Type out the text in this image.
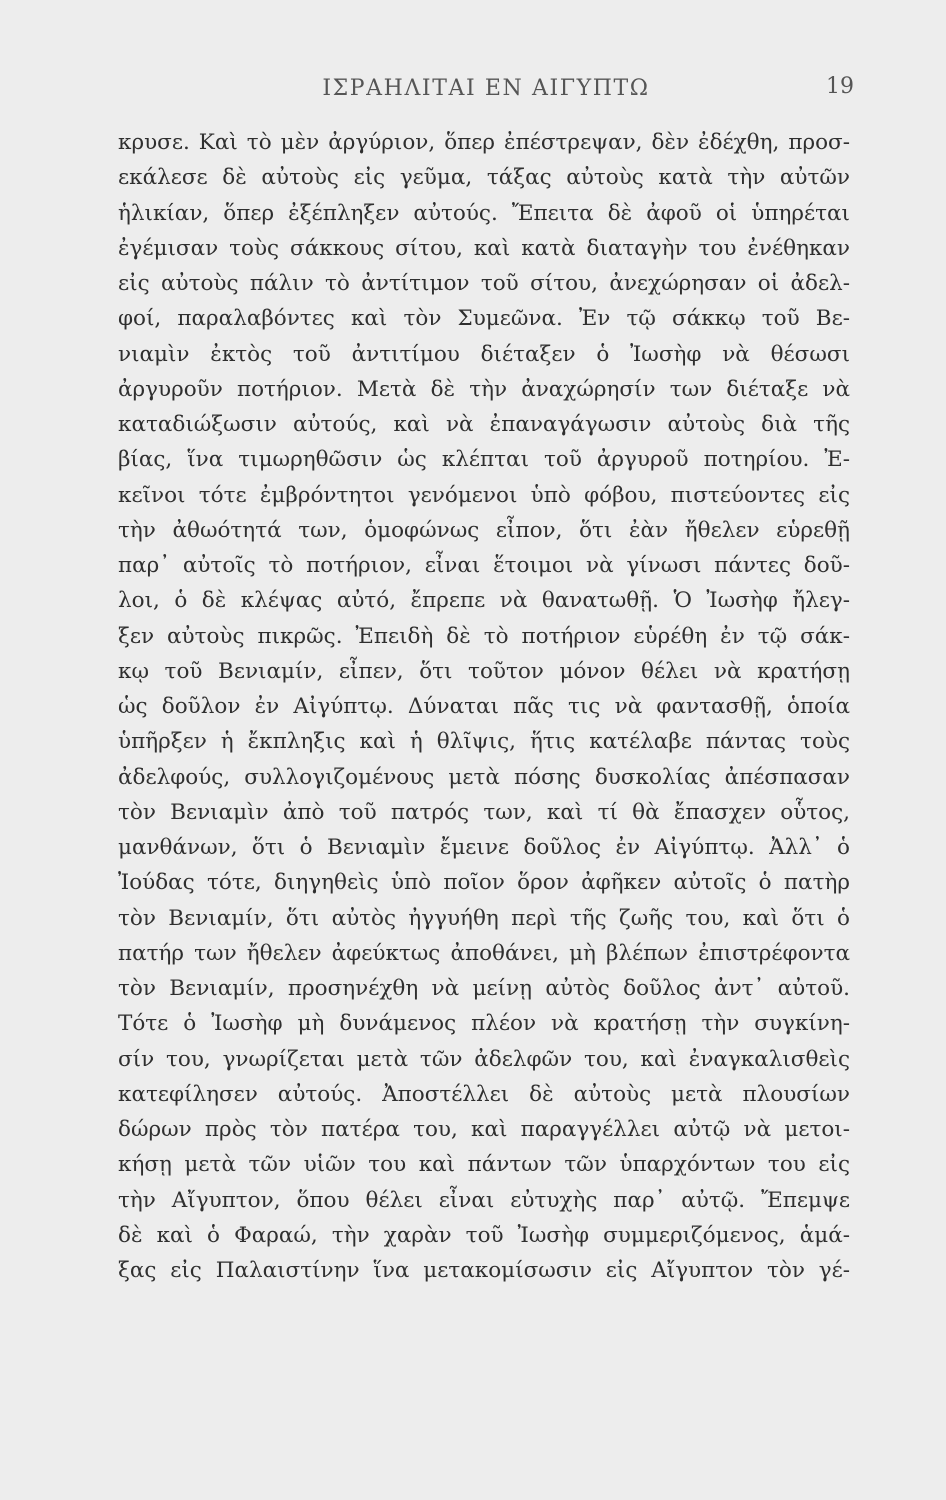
ΙΣΡΑΗΛΙΤΑΙ ΕΝ ΑΙΓΥΠΤΩ	19
κρυσε. Καὶ τὸ μὲν ἀργύριον, ὅπερ ἐπέστρεψαν, δὲν ἐδέχθη, προσ-
εκάλεσε δὲ αὐτοὺς εἰς γεῦμα, τάξας αὐτοὺς κατὰ τὴν αὐτῶν
ἡλικίαν, ὅπερ ἐξέπληξεν αὐτούς. Ἔπειτα δὲ ἀφοῦ οἱ ὑπηρέται
ἐγέμισαν τοὺς σάκκους σίτου, καὶ κατὰ διαταγὴν του ἐνέθηκαν
εἰς αὐτοὺς πάλιν τὸ ἀντίτιμον τοῦ σίτου, ἀνεχώρησαν οἱ ἀδελ-
φοί, παραλαβόντες καὶ τὸν Συμεῶνα. Ἐν τῷ σάκκῳ τοῦ Βε-
νιαμὶν ἐκτὸς τοῦ ἀντιτίμου διέταξεν ὁ Ἰωσὴφ νὰ θέσωσι
ἀργυροῦν ποτήριον. Μετὰ δὲ τὴν ἀναχώρησίν των διέταξε νὰ
καταδιώξωσιν αὐτούς, καὶ νὰ ἐπαναγάγωσιν αὐτοὺς διὰ τῆς
βίας, ἵνα τιμωρηθῶσιν ὡς κλέπται τοῦ ἀργυροῦ ποτηρίου. Ἐ-
κεῖνοι τότε ἐμβρόντητοι γενόμενοι ὑπὸ φόβου, πιστεύοντες εἰς
τὴν ἀθωότητά των, ὁμοφώνως εἶπον, ὅτι ἐὰν ἤθελεν εὑρεθῇ
παρ᾽ αὐτοῖς τὸ ποτήριον, εἶναι ἕτοιμοι νὰ γίνωσι πάντες δοῦ-
λοι, ὁ δὲ κλέψας αὐτό, ἔπρεπε νὰ θανατωθῇ. Ὁ Ἰωσὴφ ἤλεγ-
ξεν αὐτοὺς πικρῶς. Ἐπειδὴ δὲ τὸ ποτήριον εὑρέθη ἐν τῷ σάκ-
κῳ τοῦ Βενιαμίν, εἶπεν, ὅτι τοῦτον μόνον θέλει νὰ κρατήσῃ
ὡς δοῦλον ἐν Αἰγύπτῳ. Δύναται πᾶς τις νὰ φαντασθῇ, ὁποία
ὑπῆρξεν ἡ ἔκπληξις καὶ ἡ θλῖψις, ἥτις κατέλαβε πάντας τοὺς
ἀδελφούς, συλλογιζομένους μετὰ πόσης δυσκολίας ἀπέσπασαν
τὸν Βενιαμὶν ἀπὸ τοῦ πατρός των, καὶ τί θὰ ἔπασχεν οὗτος,
μανθάνων, ὅτι ὁ Βενιαμὶν ἔμεινε δοῦλος ἐν Αἰγύπτῳ. Ἀλλ᾽ ὁ
Ἰούδας τότε, διηγηθεὶς ὑπὸ ποῖον ὅρον ἀφῆκεν αὐτοῖς ὁ πατὴρ
τὸν Βενιαμίν, ὅτι αὐτὸς ἠγγυήθη περὶ τῆς ζωῆς του, καὶ ὅτι ὁ
πατήρ των ἤθελεν ἀφεύκτως ἀποθάνει, μὴ βλέπων ἐπιστρέφοντα
τὸν Βενιαμίν, προσηνέχθη νὰ μείνῃ αὐτὸς δοῦλος ἀντ᾽ αὐτοῦ.
Τότε ὁ Ἰωσὴφ μὴ δυνάμενος πλέον νὰ κρατήσῃ τὴν συγκίνη-
σίν του, γνωρίζεται μετὰ τῶν ἀδελφῶν του, καὶ ἐναγκαλισθεὶς
κατεφίλησεν αὐτούς. Ἀποστέλλει δὲ αὐτοὺς μετὰ πλουσίων
δώρων πρὸς τὸν πατέρα του, καὶ παραγγέλλει αὐτῷ νὰ μετοι-
κήσῃ μετὰ τῶν υἱῶν του καὶ πάντων τῶν ὑπαρχόντων του εἰς
τὴν Αἴγυπτον, ὅπου θέλει εἶναι εὐτυχὴς παρ᾽ αὐτῷ. Ἔπεμψε
δὲ καὶ ὁ Φαραώ, τὴν χαρὰν τοῦ Ἰωσὴφ συμμεριζόμενος, ἁμά-
ξας εἰς Παλαιστίνην ἵνα μετακομίσωσιν εἰς Αἴγυπτον τὸν γέ-
